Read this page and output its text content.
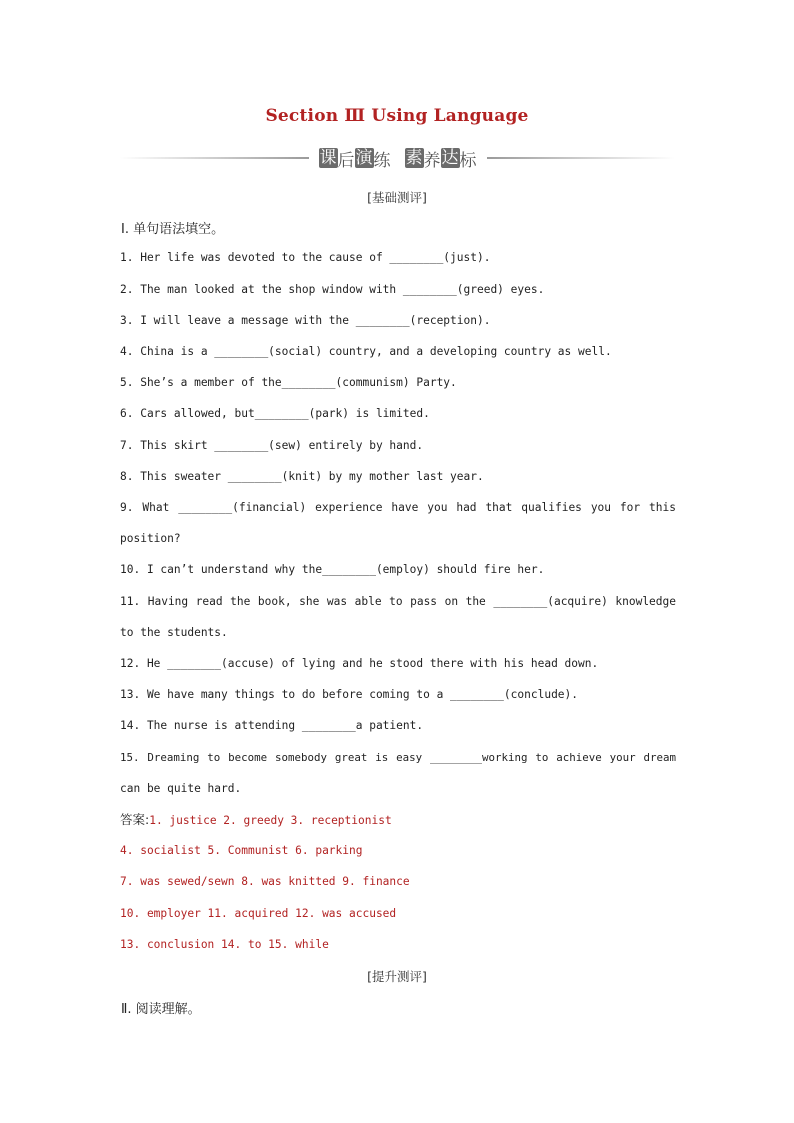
Section Ⅲ Using Language
课 后 演 练 素 养 达 标
[基础测评]
Ⅰ. 单句语法填空。
1. Her life was devoted to the cause of ________(just).
2. The man looked at the shop window with ________(greed) eyes.
3. I will leave a message with the ________(reception).
4. China is a ________(social) country, and a developing country as well.
5. She’s a member of the________(communism) Party.
6. Cars allowed, but________(park) is limited.
7. This skirt ________(sew) entirely by hand.
8. This sweater ________(knit) by my mother last year.
9. What ________(financial) experience have you had that qualifies you for this
position?
10. I can’t understand why the________(employ) should fire her.
11. Having read the book, she was able to pass on the ________(acquire) knowledge
to the students.
12. He ________(accuse) of lying and he stood there with his head down.
13. We have many things to do before coming to a ________(conclude).
14. The nurse is attending ________a patient.
15. Dreaming to become somebody great is easy ________working to achieve your dream
can be quite hard.
答案:1. justice 2. greedy 3. receptionist
4. socialist 5. Communist 6. parking
7. was sewed/sewn 8. was knitted 9. finance
10. employer 11. acquired 12. was accused
13. conclusion 14. to 15. while
[提升测评]
Ⅱ. 阅读理解。
